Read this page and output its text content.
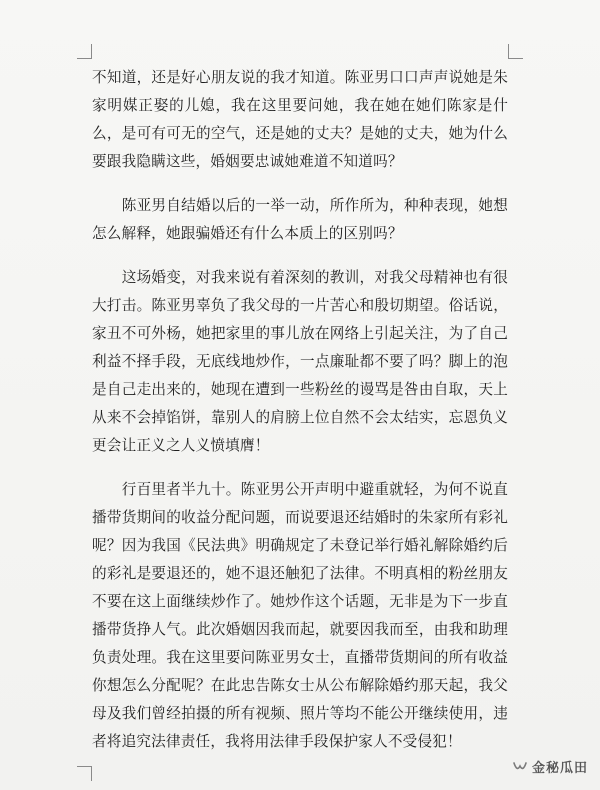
不知道，还是好心朋友说的我才知道。陈亚男口口声声说她是朱家明媒正娶的儿媳，我在这里要问她，我在她在她们陈家是什么，是可有可无的空气，还是她的丈夫？是她的丈夫，她为什么要跟我隐瞒这些，婚姻要忠诚她难道不知道吗？

　　陈亚男自结婚以后的一举一动，所作所为，种种表现，她想怎么解释，她跟骗婚还有什么本质上的区别吗？

　　这场婚变，对我来说有着深刻的教训，对我父母精神也有很大打击。陈亚男辜负了我父母的一片苦心和殷切期望。俗话说，家丑不可外杨，她把家里的事儿放在网络上引起关注，为了自己利益不择手段，无底线地炒作，一点廉耻都不要了吗？脚上的泡是自己走出来的，她现在遭到一些粉丝的谩骂是咎由自取，天上从来不会掉馅饼，靠别人的肩膀上位自然不会太结实，忘恩负义更会让正义之人义愤填膺！

　　行百里者半九十。陈亚男公开声明中避重就轻，为何不说直播带货期间的收益分配问题，而说要退还结婚时的朱家所有彩礼呢？因为我国《民法典》明确规定了未登记举行婚礼解除婚约后的彩礼是要退还的，她不退还触犯了法律。不明真相的粉丝朋友不要在这上面继续炒作了。她炒作这个话题，无非是为下一步直播带货挣人气。此次婚姻因我而起，就要因我而至，由我和助理负责处理。我在这里要问陈亚男女士，直播带货期间的所有收益你想怎么分配呢？在此忠告陈女士从公布解除婚约那天起，我父母及我们曾经拍摄的所有视频、照片等均不能公开继续使用，违者将追究法律责任，我将用法律手段保护家人不受侵犯！

金秘瓜田
